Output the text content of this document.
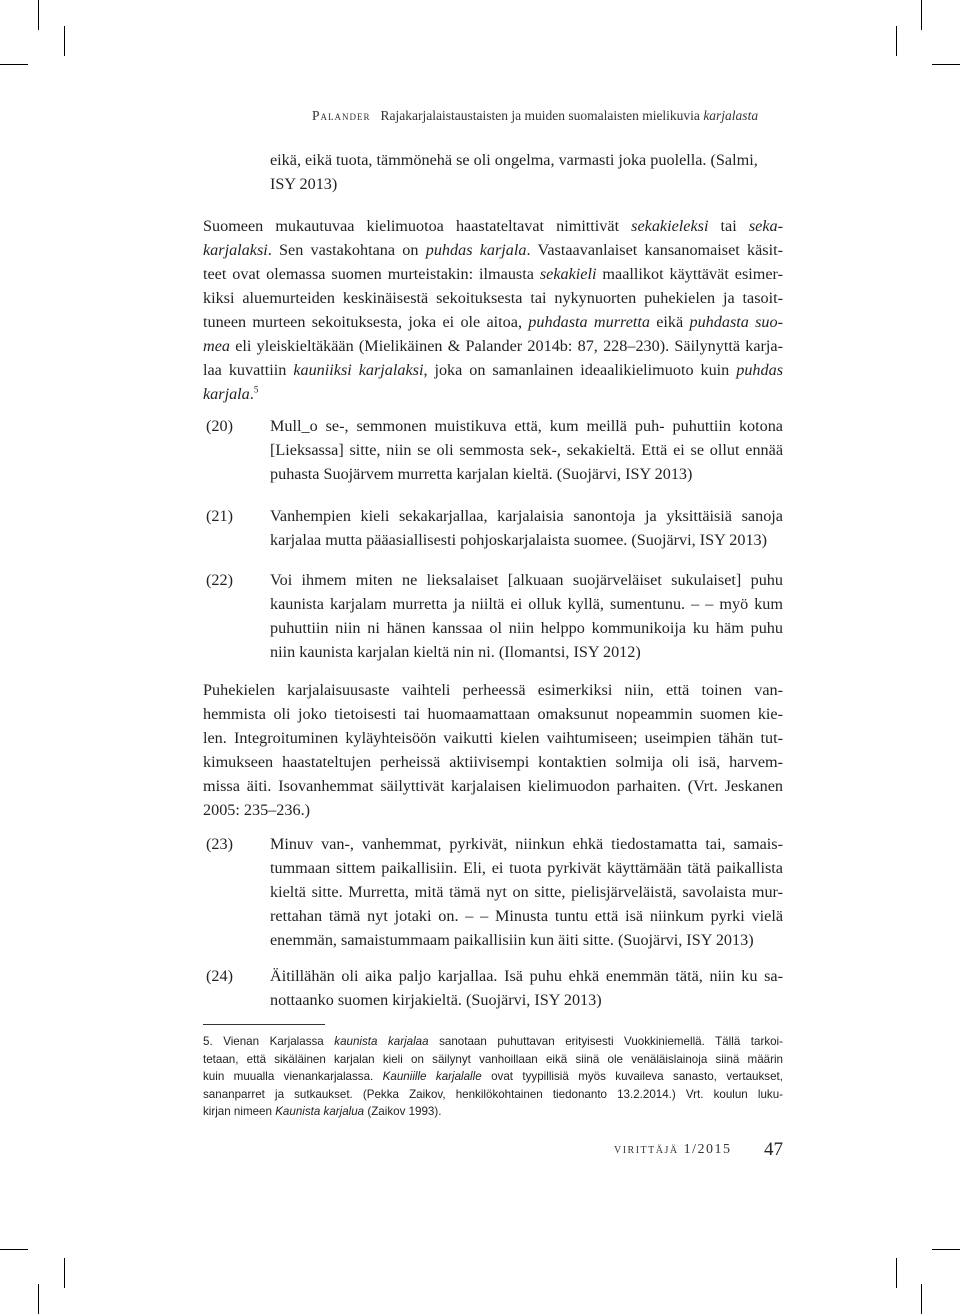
Palander Rajakarjalaistaustaisten ja muiden suomalaisten mielikuvia karjalasta
eikä, eikä tuota, tämmönehä se oli ongelma, varmasti joka puolella. (Salmi,
ISY 2013)
Suomeen mukautuvaa kielimuotoa haastateltavat nimittivät sekakieleksi tai seka-
karjalaksi. Sen vastakohtana on puhdas karjala. Vastaavanlaiset kansanomaiset käsit-
teet ovat olemassa suomen murteistakin: ilmausta sekakieli maallikot käyttävät esimer-
kiksi aluemurteiden keskinäisestä sekoituksesta tai nykynuorten puhekielen ja tasoit-
tuneen murteen sekoituksesta, joka ei ole aitoa, puhdasta murretta eikä puhdasta suo-
mea eli yleiskieltäkään (Mielikäinen & Palander 2014b: 87, 228–230). Säilynyttä karja-
laa kuvattiin kauniiksi karjalaksi, joka on samanlainen ideaalikielimuoto kuin puhdas
karjala.$^5$
(20) Mull_o se-, semmonen muistikuva että, kum meillä puh- puhuttiin kotona
[Lieksassa] sitte, niin se oli semmosta sek-, sekakieltä. Että ei se ollut ennää
puhasta Suojärvem murretta karjalan kieltä. (Suojärvi, ISY 2013)
(21) Vanhempien kieli sekakarjallaa, karjalaisia sanontoja ja yksittäisiä sanoja
karjalaa mutta pääasiallisesti pohjoskarjalaista suomee. (Suojärvi, ISY 2013)
(22) Voi ihmem miten ne lieksalaiset [alkuaan suojärveläiset sukulaiset] puhu
kaunista karjalam murretta ja niiltä ei olluk kyllä, sumentunu. – – myö kum
puhuttiin niin ni hänen kanssaa ol niin helppo kommunikoija ku häm puhu
niin kaunista karjalan kieltä nin ni. (Ilomantsi, ISY 2012)
Puhekielen karjalaisuusaste vaihteli perheessä esimerkiksi niin, että toinen van-
hemmista oli joko tietoisesti tai huomaamattaan omaksunut nopeammin suomen kie-
len. Integroituminen kyläyhteisöön vaikutti kielen vaihtumiseen; useimpien tähän tut-
kimukseen haastateltujen perheissä aktiivisempi kontaktien solmija oli isä, harvem-
missa äiti. Isovanhemmat säilyttivät karjalaisen kielimuodon parhaiten. (Vrt. Jeskanen
2005: 235–236.)
(23) Minuv van-, vanhemmat, pyrkivät, niinkun ehkä tiedostamatta tai, samais-
tummaan sittem paikallisiin. Eli, ei tuota pyrkivät käyttämään tätä paikallista
kieltä sitte. Murretta, mitä tämä nyt on sitte, pielisjärveläistä, savolaista mur-
rettahan tämä nyt jotaki on. – – Minusta tuntu että isä niinkum pyrki vielä
enemmän, samaistummaam paikallisiin kun äiti sitte. (Suojärvi, ISY 2013)
(24) Äitillähän oli aika paljo karjallaa. Isä puhu ehkä enemmän tätä, niin ku sa-
nottaanko suomen kirjakieltä. (Suojärvi, ISY 2013)
5. Vienan Karjalassa kaunista karjalaa sanotaan puhuttavan erityisesti Vuokkiniemellä. Tällä tarkoi-
tetaan, että sikäläinen karjalan kieli on säilynyt vanhoillaan eikä siinä ole venäläislainoja siinä määrin
kuin muualla vienankarjalassa. Kauniille karjalalle ovat tyypillisiä myös kuvaileva sanasto, vertaukset,
sananparret ja sutkaukset. (Pekka Zaikov, henkilökohtainen tiedonanto 13.2.2014.) Vrt. koulun luku-
kirjan nimeen Kaunista karjalua (Zaikov 1993).
virittäjä 1/2015 47
